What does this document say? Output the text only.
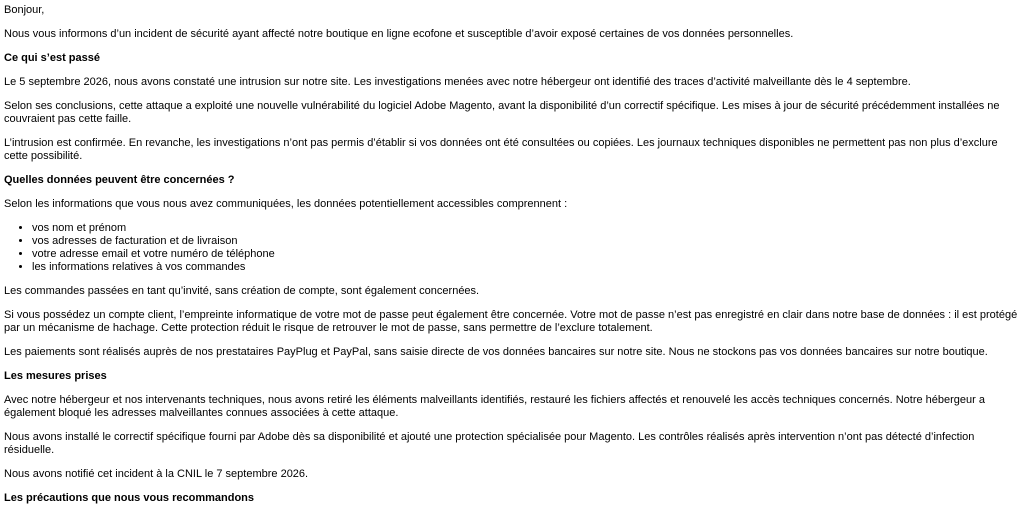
Bonjour,

Nous vous informons d’un incident de sécurité ayant affecté notre boutique en ligne ecofone et susceptible d’avoir exposé certaines de vos données personnelles.

Ce qui s’est passé

Le 5 septembre 2026, nous avons constaté une intrusion sur notre site. Les investigations menées avec notre hébergeur ont identifié des traces d’activité malveillante dès le 4 septembre.

Selon ses conclusions, cette attaque a exploité une nouvelle vulnérabilité du logiciel Adobe Magento, avant la disponibilité d’un correctif spécifique. Les mises à jour de sécurité précédemment installées ne couvraient pas cette faille.

L’intrusion est confirmée. En revanche, les investigations n’ont pas permis d’établir si vos données ont été consultées ou copiées. Les journaux techniques disponibles ne permettent pas non plus d’exclure cette possibilité.

Quelles données peuvent être concernées ?

Selon les informations que vous nous avez communiquées, les données potentiellement accessibles comprennent :

• vos nom et prénom
• vos adresses de facturation et de livraison
• votre adresse email et votre numéro de téléphone
• les informations relatives à vos commandes

Les commandes passées en tant qu’invité, sans création de compte, sont également concernées.

Si vous possédez un compte client, l’empreinte informatique de votre mot de passe peut également être concernée. Votre mot de passe n’est pas enregistré en clair dans notre base de données : il est protégé par un mécanisme de hachage. Cette protection réduit le risque de retrouver le mot de passe, sans permettre de l’exclure totalement.

Les paiements sont réalisés auprès de nos prestataires PayPlug et PayPal, sans saisie directe de vos données bancaires sur notre site. Nous ne stockons pas vos données bancaires sur notre boutique.

Les mesures prises

Avec notre hébergeur et nos intervenants techniques, nous avons retiré les éléments malveillants identifiés, restauré les fichiers affectés et renouvelé les accès techniques concernés. Notre hébergeur a également bloqué les adresses malveillantes connues associées à cette attaque.

Nous avons installé le correctif spécifique fourni par Adobe dès sa disponibilité et ajouté une protection spécialisée pour Magento. Les contrôles réalisés après intervention n’ont pas détecté d’infection résiduelle.

Nous avons notifié cet incident à la CNIL le 7 septembre 2026.

Les précautions que nous vous recommandons
